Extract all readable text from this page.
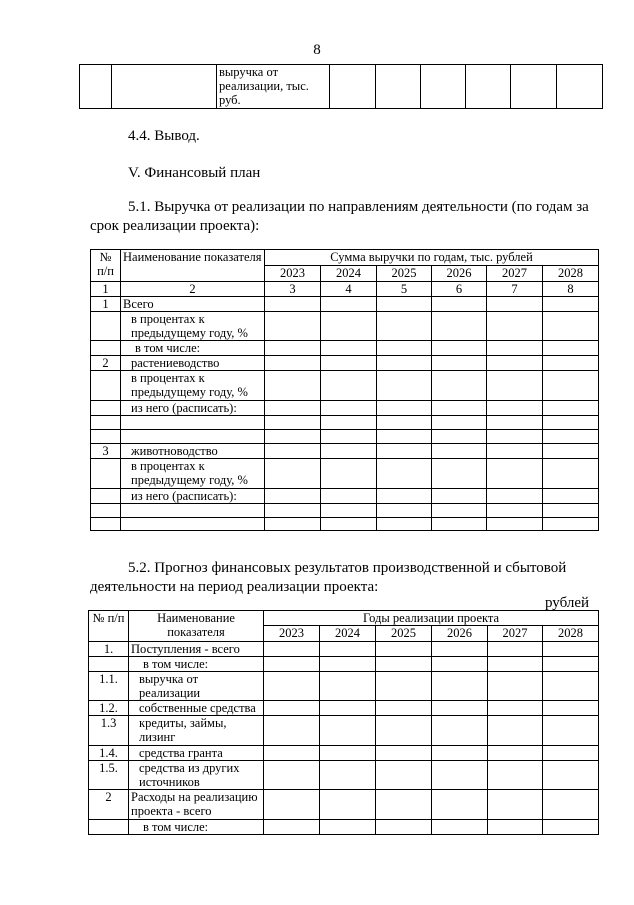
8
		выручка от реализации, тыс. руб.						
4.4. Вывод.
V. Финансовый план
5.1. Выручка от реализации по направлениям деятельности (по годам за срок реализации проекта):
№ п/п	Наименование показателя	Сумма выручки по годам, тыс. рублей					
		2023	2024	2025	2026	2027	2028
1	2	3	4	5	6	7	8
1	Всего						
	в процентах к предыдущему году, %						
	в том числе:						
2	растениеводство						
	в процентах к предыдущему году, %						
	из него (расписать):						

3	животноводство						
	в процентах к предыдущему году, %						
	из него (расписать):						

5.2. Прогноз финансовых результатов производственной и сбытовой деятельности на период реализации проекта:
рублей
№ п/п	Наименование показателя	Годы реализации проекта					
		2023	2024	2025	2026	2027	2028
1.	Поступления - всего						
	в том числе:						
1.1.	выручка от реализации						
1.2.	собственные средства						
1.3	кредиты, займы, лизинг						
1.4.	средства гранта						
1.5.	средства из других источников						
2	Расходы на реализацию проекта - всего						
	в том числе:						
